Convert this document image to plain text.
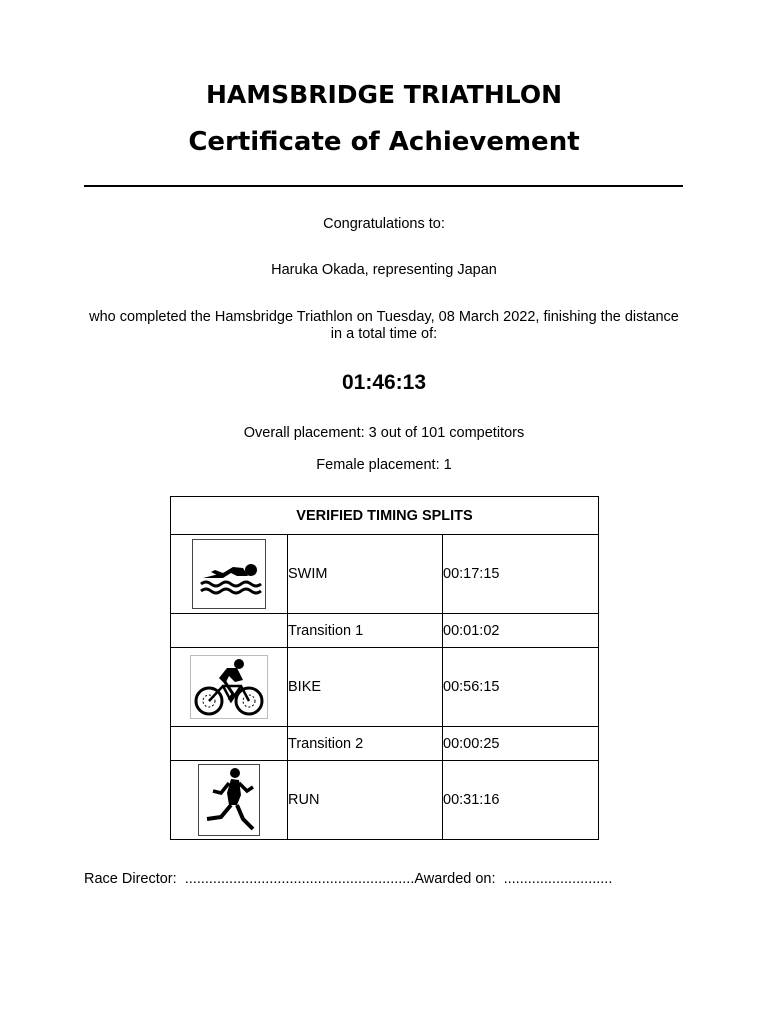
HAMSBRIDGE TRIATHLON
Certificate of Achievement
Congratulations to:
Haruka Okada, representing Japan
who completed the Hamsbridge Triathlon on Tuesday, 08 March 2022, finishing the distance in a total time of:
01:46:13
Overall placement: 3 out of 101 competitors
Female placement: 1
VERIFIED TIMING SPLITS		

	SWIM	00:17:15
	Transition 1	00:01:02

	BIKE	00:56:15
	Transition 2	00:00:25

	RUN	00:31:16
Race Director: .........................................................Awarded on: ...........................
